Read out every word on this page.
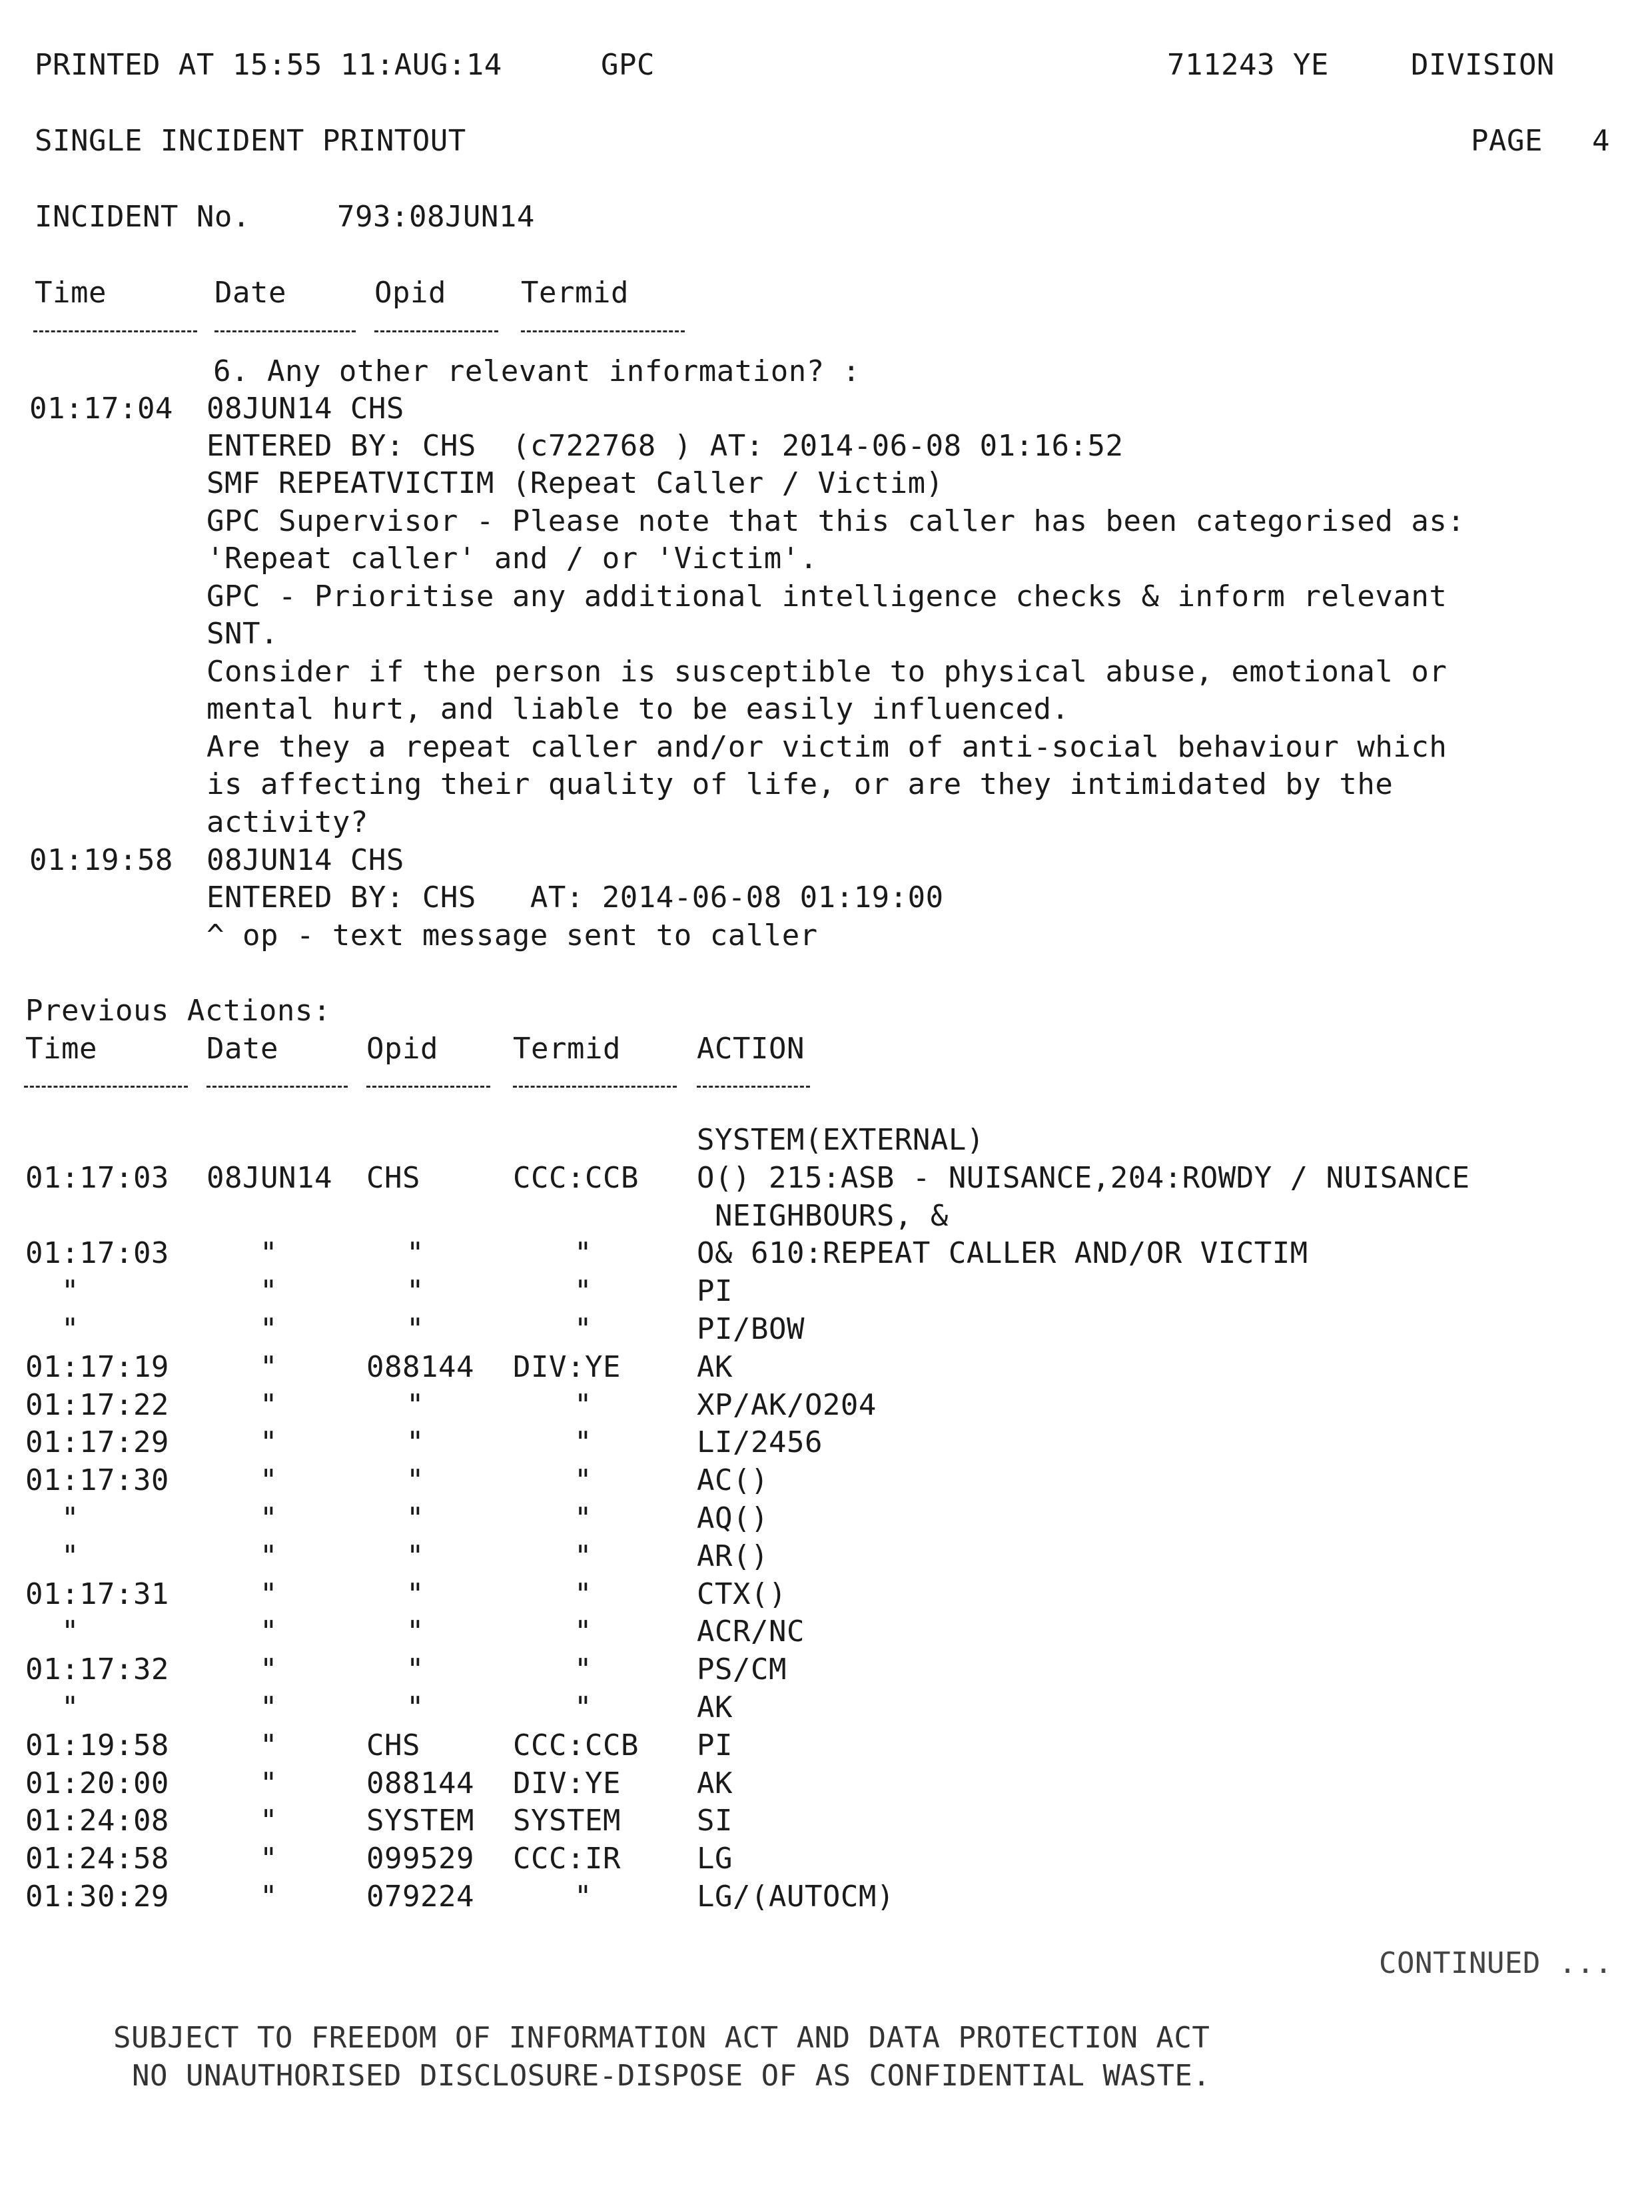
PRINTED AT 15:55 11:AUG:14	GPC	711243 YE	DIVISION
SINGLE INCIDENT PRINTOUT	PAGE 4
INCIDENT No.	793:08JUN14
Time	Date	Opid	Termid
6. Any other relevant information? :
01:17:04 08JUN14 CHS
ENTERED BY: CHS  (c722768 ) AT: 2014-06-08 01:16:52
SMF REPEATVICTIM (Repeat Caller / Victim)
GPC Supervisor - Please note that this caller has been categorised as:
'Repeat caller' and / or 'Victim'.
GPC - Prioritise any additional intelligence checks & inform relevant
SNT.
Consider if the person is susceptible to physical abuse, emotional or
mental hurt, and liable to be easily influenced.
Are they a repeat caller and/or victim of anti-social behaviour which
is affecting their quality of life, or are they intimidated by the
activity?
01:19:58 08JUN14 CHS
ENTERED BY: CHS   AT: 2014-06-08 01:19:00
^ op - text message sent to caller
Previous Actions:
Time	Date	Opid	Termid	ACTION
SYSTEM(EXTERNAL)
01:17:03 08JUN14 CHS	CCC:CCB O() 215:ASB - NUISANCE,204:ROWDY / NUISANCE
NEIGHBOURS, &
01:17:03	"	"	"	O& 610:REPEAT CALLER AND/OR VICTIM
"	"	"	"	PI
"	"	"	"	PI/BOW
01:17:19	"	088144 DIV:YE	AK
01:17:22	"	"	"	XP/AK/O204
01:17:29	"	"	"	LI/2456
01:17:30	"	"	"	AC()
"	"	"	"	AQ()
"	"	"	"	AR()
01:17:31	"	"	"	CTX()
"	"	"	"	ACR/NC
01:17:32	"	"	"	PS/CM
"	"	"	"	AK
01:19:58	"	CHS	CCC:CCB PI
01:20:00	"	088144 DIV:YE	AK
01:24:08	"	SYSTEM SYSTEM	SI
01:24:58	"	099529 CCC:IR	LG
01:30:29	"	079224	"	LG/(AUTOCM)
CONTINUED ...
SUBJECT TO FREEDOM OF INFORMATION ACT AND DATA PROTECTION ACT
NO UNAUTHORISED DISCLOSURE-DISPOSE OF AS CONFIDENTIAL WASTE.
